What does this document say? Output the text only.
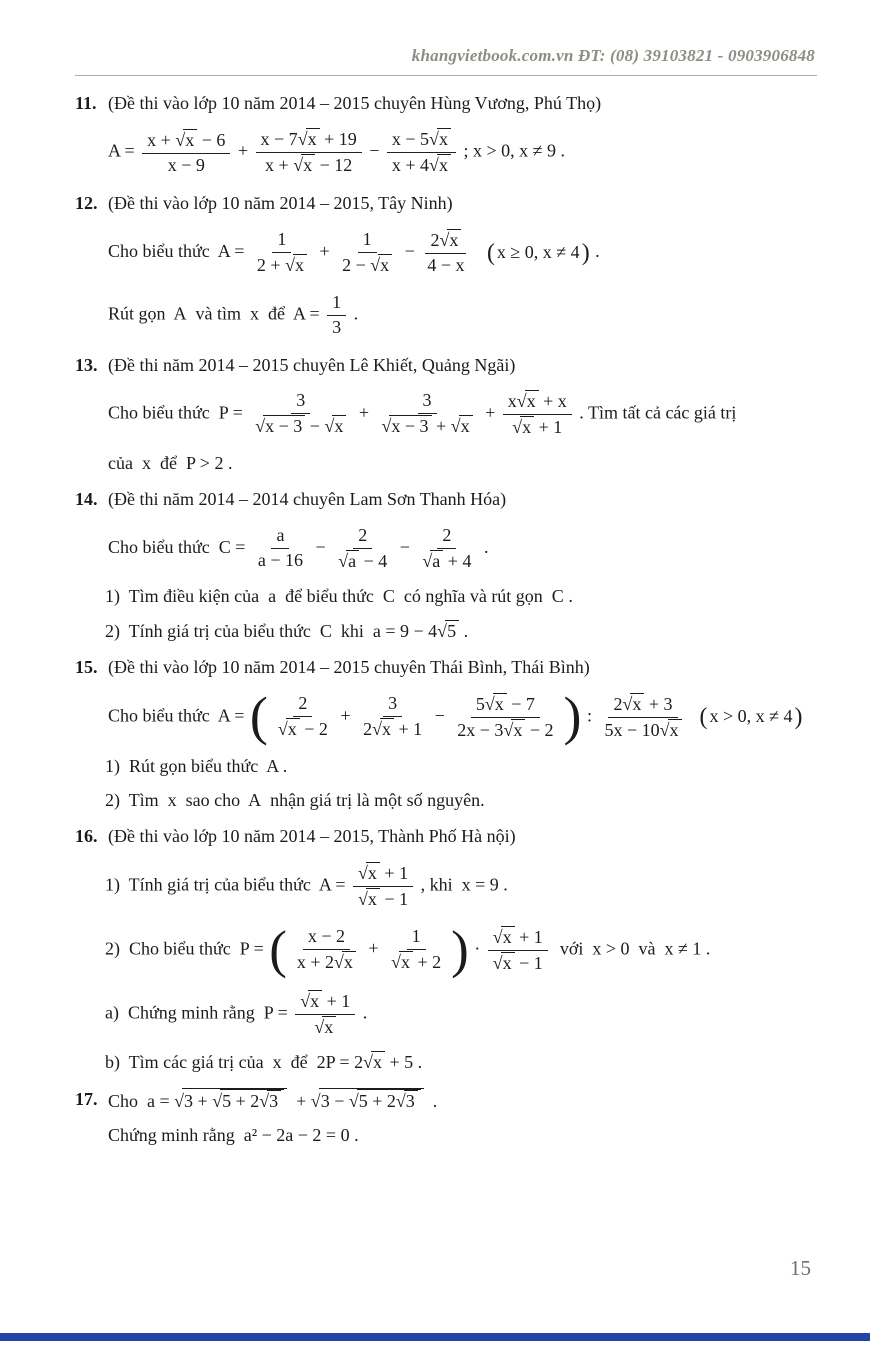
khangvietbook.com.vn ĐT: (08) 39103821 - 0903906848
11. (Đề thi vào lớp 10 năm 2014 – 2015 chuyên Hùng Vương, Phú Thọ)
$A = \frac{x + √x - 6}{x - 9} + \frac{x - 7√x + 19}{x + √x - 12} - \frac{x - 5√x}{x + 4√x}$ ; x > 0, x ≠ 9 .
12. (Đề thi vào lớp 10 năm 2014 – 2015, Tây Ninh)
Cho biểu thức  $A = \frac{1}{2 + √x} + \frac{1}{2 - √x} - \frac{2√x}{4 - x}$
( x ≥ 0, x ≠ 4 ) .
Rút gọn  A  và tìm  x  để  $A = \frac{1}{3}$ .
13. (Đề thi năm 2014 – 2015 chuyên Lê Khiết, Quảng Ngãi)
Cho biểu thức  $P = \frac{3}{√x - 3 - √x} + \frac{3}{√x - 3 + √x} + \frac{x√x + x}{√x + 1}$ . Tìm tất cả các giá trị
của  x  để  P > 2 .
14. (Đề thi năm 2014 – 2014 chuyên Lam Sơn Thanh Hóa)
Cho biểu thức  $C = \frac{a}{a - 16} - \frac{2}{√a - 4} - \frac{2}{√a + 4}$ .
1)  Tìm điều kiện của  a  để biểu thức  C  có nghĩa và rút gọn  C .
2)  Tính giá trị của biểu thức  C  khi  a = 9 − 4√5 .
15. (Đề thi vào lớp 10 năm 2014 – 2015 chuyên Thái Bình, Thái Bình)
Cho biểu thức  A = ( $\frac{2}{√x - 2} + \frac{3}{2√x + 1} - \frac{5√x - 7}{2x - 3√x - 2}$ ) : $\frac{2√x + 3}{5x - 10√x}$
( x > 0, x ≠ 4 )
1)  Rút gọn biểu thức  A .
2)  Tìm  x  sao cho  A  nhận giá trị là một số nguyên.
16. (Đề thi vào lớp 10 năm 2014 – 2015, Thành Phố Hà nội)
1)  Tính giá trị của biểu thức  $A = \frac{√x + 1}{√x - 1}$ , khi  x = 9 .
2)  Cho biểu thức  P = ( $\frac{x - 2}{x + 2√x} + \frac{1}{√x + 2}$ ) · $\frac{√x + 1}{√x - 1}$ với  x > 0  và  x ≠ 1 .
a)  Chứng minh rằng  $P = \frac{√x + 1}{√x}$ .
b)  Tìm các giá trị của  x  để  2P = 2√x + 5 .
17. Cho  a = √3 + √5 + 2√3  + √3 − √5 + 2√3  .
Chứng minh rằng  a² − 2a − 2 = 0 .
15
